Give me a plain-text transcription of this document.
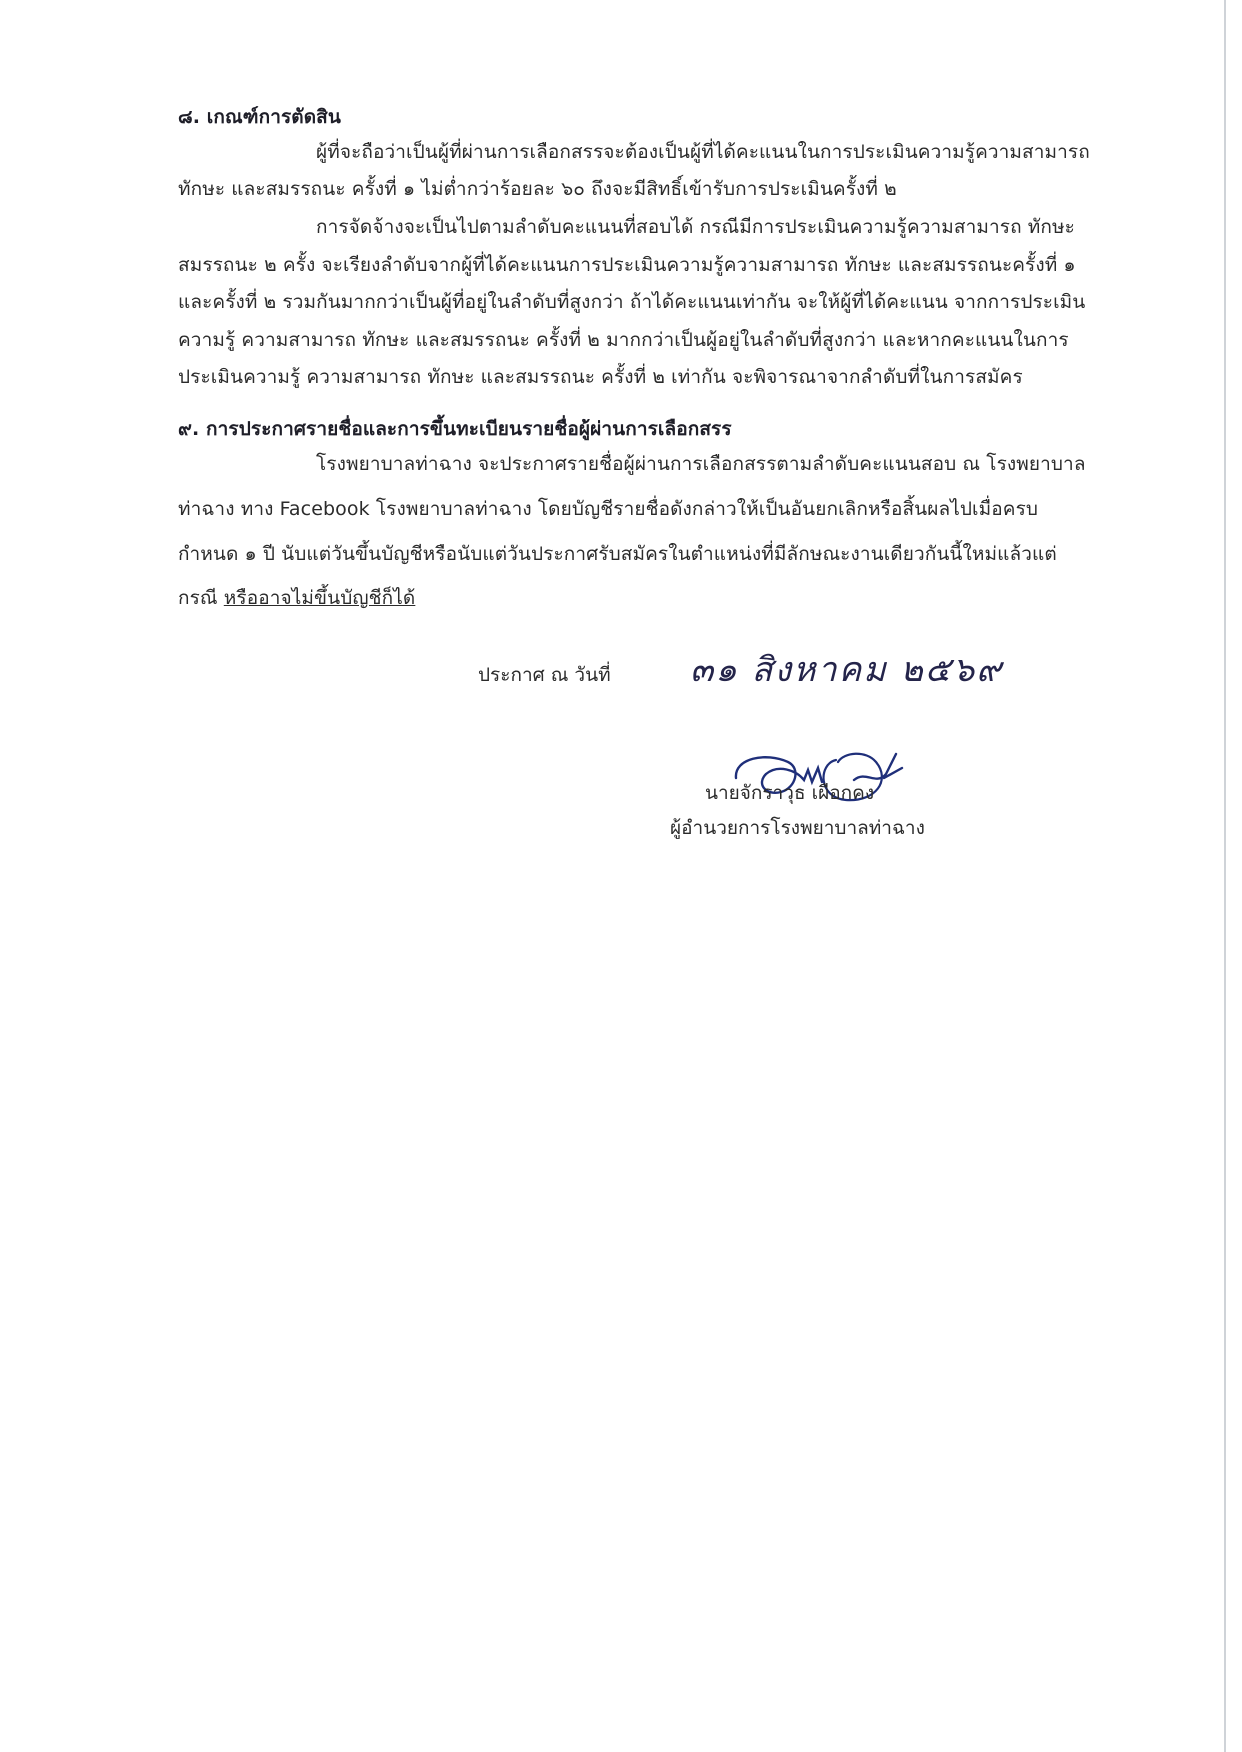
๘. เกณฑ์การตัดสิน
ผู้ที่จะถือว่าเป็นผู้ที่ผ่านการเลือกสรรจะต้องเป็นผู้ที่ได้คะแนนในการประเมินความรู้ความสามารถ
ทักษะ และสมรรถนะ ครั้งที่ ๑ ไม่ต่ำกว่าร้อยละ ๖๐ ถึงจะมีสิทธิ์เข้ารับการประเมินครั้งที่ ๒
การจัดจ้างจะเป็นไปตามลำดับคะแนนที่สอบได้ กรณีมีการประเมินความรู้ความสามารถ ทักษะ
สมรรถนะ ๒ ครั้ง จะเรียงลำดับจากผู้ที่ได้คะแนนการประเมินความรู้ความสามารถ ทักษะ และสมรรถนะครั้งที่ ๑
และครั้งที่ ๒ รวมกันมากกว่าเป็นผู้ที่อยู่ในลำดับที่สูงกว่า ถ้าได้คะแนนเท่ากัน จะให้ผู้ที่ได้คะแนน จากการประเมิน
ความรู้ ความสามารถ ทักษะ และสมรรถนะ ครั้งที่ ๒ มากกว่าเป็นผู้อยู่ในลำดับที่สูงกว่า และหากคะแนนในการ
ประเมินความรู้ ความสามารถ ทักษะ และสมรรถนะ ครั้งที่ ๒ เท่ากัน จะพิจารณาจากลำดับที่ในการสมัคร
๙. การประกาศรายชื่อและการขึ้นทะเบียนรายชื่อผู้ผ่านการเลือกสรร
โรงพยาบาลท่าฉาง จะประกาศรายชื่อผู้ผ่านการเลือกสรรตามลำดับคะแนนสอบ ณ โรงพยาบาล
ท่าฉาง ทาง Facebook โรงพยาบาลท่าฉาง โดยบัญชีรายชื่อดังกล่าวให้เป็นอันยกเลิกหรือสิ้นผลไปเมื่อครบ
กำหนด ๑ ปี นับแต่วันขึ้นบัญชีหรือนับแต่วันประกาศรับสมัครในตำแหน่งที่มีลักษณะงานเดียวกันนี้ใหม่แล้วแต่
กรณี หรืออาจไม่ขึ้นบัญชีก็ได้
ประกาศ ณ วันที่ ๓๑ สิงหาคม ๒๕๖๙
นายจักราวุธ เผือกคง
ผู้อำนวยการโรงพยาบาลท่าฉาง
